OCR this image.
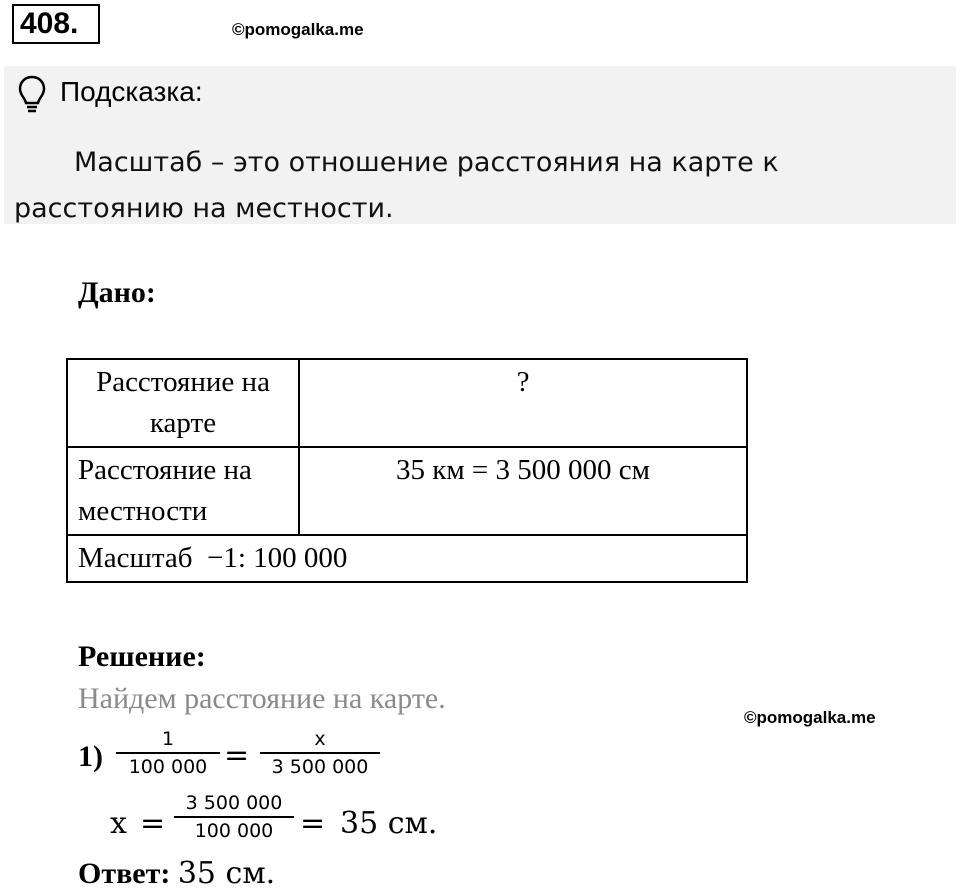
408.	©pomogalka.me
Подсказка:
Масштаб – это отношение расстояния на карте к расстоянию на местности.
Дано:
Расстояние на карте	?
Расстояние на местности	35 км = 3 500 000 см
Масштаб −1: 100 000	
Решение:
Найдем расстояние на карте.
©pomogalka.me
1)
1
100 000 =	x
3 500 000
x =
3 500 000
100 000 = 35 см.
Ответ: 35 см.
